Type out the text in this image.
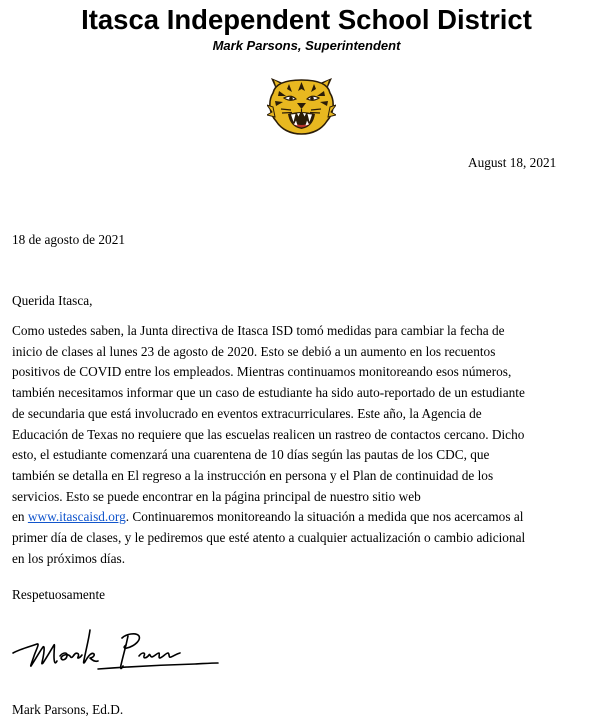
Itasca Independent School District
Mark Parsons, Superintendent
August 18, 2021
18 de agosto de 2021
Querida Itasca,
Como ustedes saben, la Junta directiva de Itasca ISD tomó medidas para cambiar la fecha de
inicio de clases al lunes 23 de agosto de 2020. Esto se debió a un aumento en los recuentos
positivos de COVID entre los empleados. Mientras continuamos monitoreando esos números,
también necesitamos informar que un caso de estudiante ha sido auto-reportado de un estudiante
de secundaria que está involucrado en eventos extracurriculares. Este año, la Agencia de
Educación de Texas no requiere que las escuelas realicen un rastreo de contactos cercano. Dicho
esto, el estudiante comenzará una cuarentena de 10 días según las pautas de los CDC, que
también se detalla en El regreso a la instrucción en persona y el Plan de continuidad de los
servicios. Esto se puede encontrar en la página principal de nuestro sitio web
en www.itascaisd.org. Continuaremos monitoreando la situación a medida que nos acercamos al
primer día de clases, y le pediremos que esté atento a cualquier actualización o cambio adicional
en los próximos días.
Respetuosamente
Mark Parsons, Ed.D.
